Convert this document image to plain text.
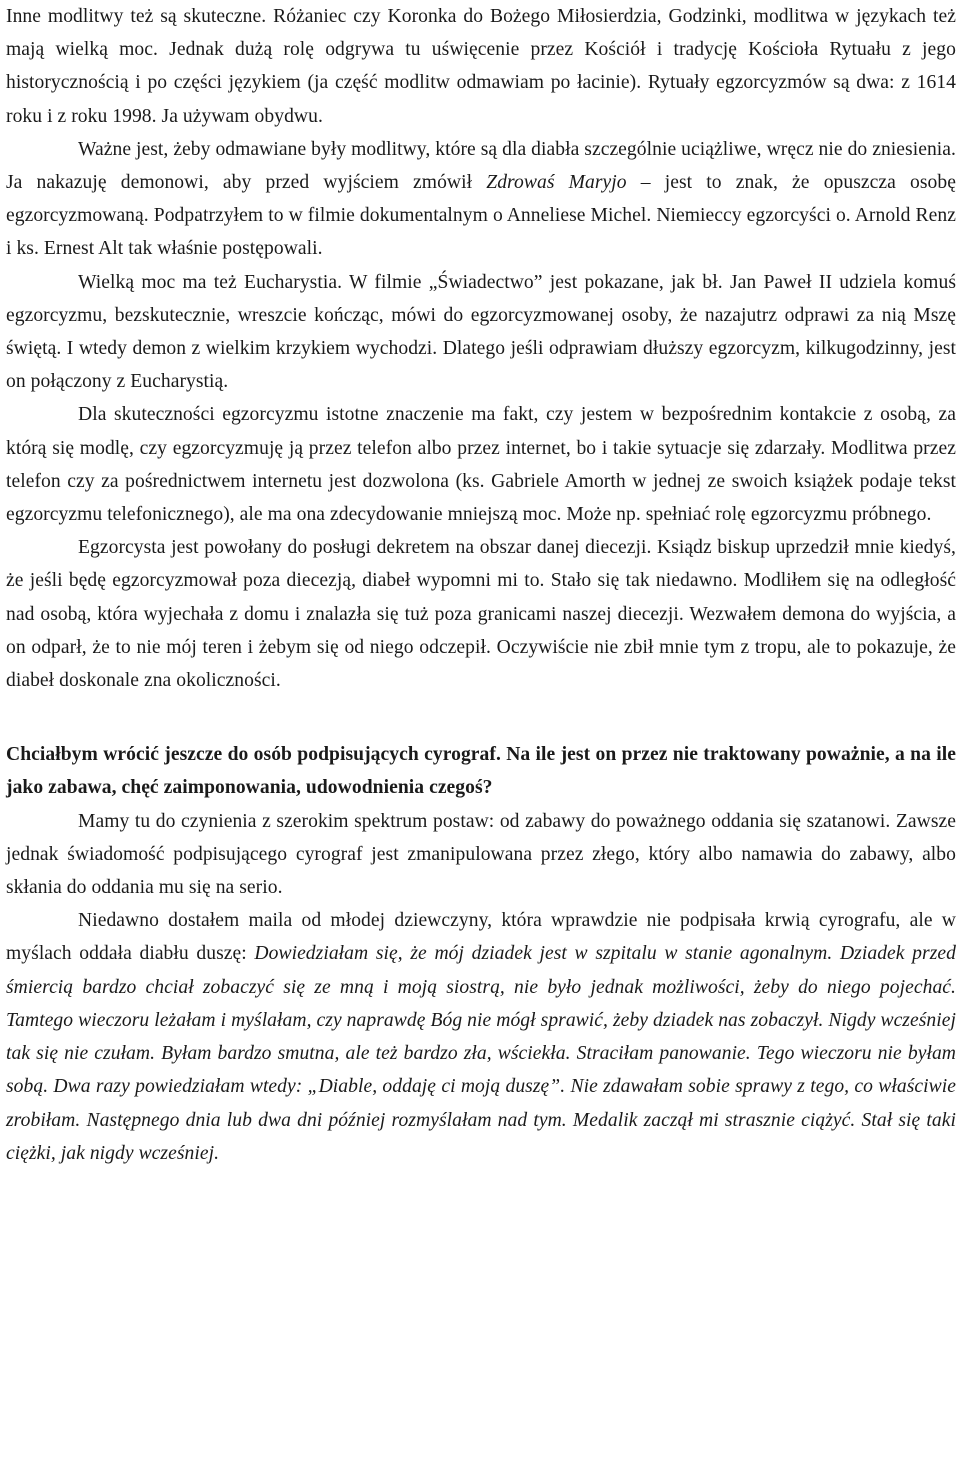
Inne modlitwy też są skuteczne. Różaniec czy Koronka do Bożego Miłosierdzia, Godzinki, modlitwa w językach też mają wielką moc. Jednak dużą rolę odgrywa tu uświęcenie przez Kościół i tradycję Kościoła Rytuału z jego historycznością i po części językiem (ja część modlitw odmawiam po łacinie). Rytuały egzorcyzmów są dwa: z 1614 roku i z roku 1998. Ja używam obydwu.

Ważne jest, żeby odmawiane były modlitwy, które są dla diabła szczególnie uciążliwe, wręcz nie do zniesienia. Ja nakazuję demonowi, aby przed wyjściem zmówił Zdrowaś Maryjo – jest to znak, że opuszcza osobę egzorcyzmowaną. Podpatrzyłem to w filmie dokumentalnym o Anneliese Michel. Niemieccy egzorcyści o. Arnold Renz i ks. Ernest Alt tak właśnie postępowali.

Wielką moc ma też Eucharystia. W filmie „Świadectwo” jest pokazane, jak bł. Jan Paweł II udziela komuś egzorcyzmu, bezskutecznie, wreszcie kończąc, mówi do egzorcyzmowanej osoby, że nazajutrz odprawi za nią Mszę świętą. I wtedy demon z wielkim krzykiem wychodzi. Dlatego jeśli odprawiam dłuższy egzorcyzm, kilkugodzinny, jest on połączony z Eucharystią.

Dla skuteczności egzorcyzmu istotne znaczenie ma fakt, czy jestem w bezpośrednim kontakcie z osobą, za którą się modlę, czy egzorcyzmuję ją przez telefon albo przez internet, bo i takie sytuacje się zdarzały. Modlitwa przez telefon czy za pośrednictwem internetu jest dozwolona (ks. Gabriele Amorth w jednej ze swoich książek podaje tekst egzorcyzmu telefonicznego), ale ma ona zdecydowanie mniejszą moc. Może np. spełniać rolę egzorcyzmu próbnego.

Egzorcysta jest powołany do posługi dekretem na obszar danej diecezji. Ksiądz biskup uprzedził mnie kiedyś, że jeśli będę egzorcyzmował poza diecezją, diabeł wypomni mi to. Stało się tak niedawno. Modliłem się na odległość nad osobą, która wyjechała z domu i znalazła się tuż poza granicami naszej diecezji. Wezwałem demona do wyjścia, a on odparł, że to nie mój teren i żebym się od niego odczepił. Oczywiście nie zbił mnie tym z tropu, ale to pokazuje, że diabeł doskonale zna okoliczności.

Chciałbym wrócić jeszcze do osób podpisujących cyrograf. Na ile jest on przez nie traktowany poważnie, a na ile jako zabawa, chęć zaimponowania, udowodnienia czegoś?

Mamy tu do czynienia z szerokim spektrum postaw: od zabawy do poważnego oddania się szatanowi. Zawsze jednak świadomość podpisującego cyrograf jest zmanipulowana przez złego, który albo namawia do zabawy, albo skłania do oddania mu się na serio.

Niedawno dostałem maila od młodej dziewczyny, która wprawdzie nie podpisała krwią cyrografu, ale w myślach oddała diabłu duszę: Dowiedziałam się, że mój dziadek jest w szpitalu w stanie agonalnym. Dziadek przed śmiercią bardzo chciał zobaczyć się ze mną i moją siostrą, nie było jednak możliwości, żeby do niego pojechać. Tamtego wieczoru leżałam i myślałam, czy naprawdę Bóg nie mógł sprawić, żeby dziadek nas zobaczył. Nigdy wcześniej tak się nie czułam. Byłam bardzo smutna, ale też bardzo zła, wściekła. Straciłam panowanie. Tego wieczoru nie byłam sobą. Dwa razy powiedziałam wtedy: „Diable, oddaję ci moją duszę”. Nie zdawałam sobie sprawy z tego, co właściwie zrobiłam. Następnego dnia lub dwa dni później rozmyślałam nad tym. Medalik zaczął mi strasznie ciążyć. Stał się taki ciężki, jak nigdy wcześniej.
